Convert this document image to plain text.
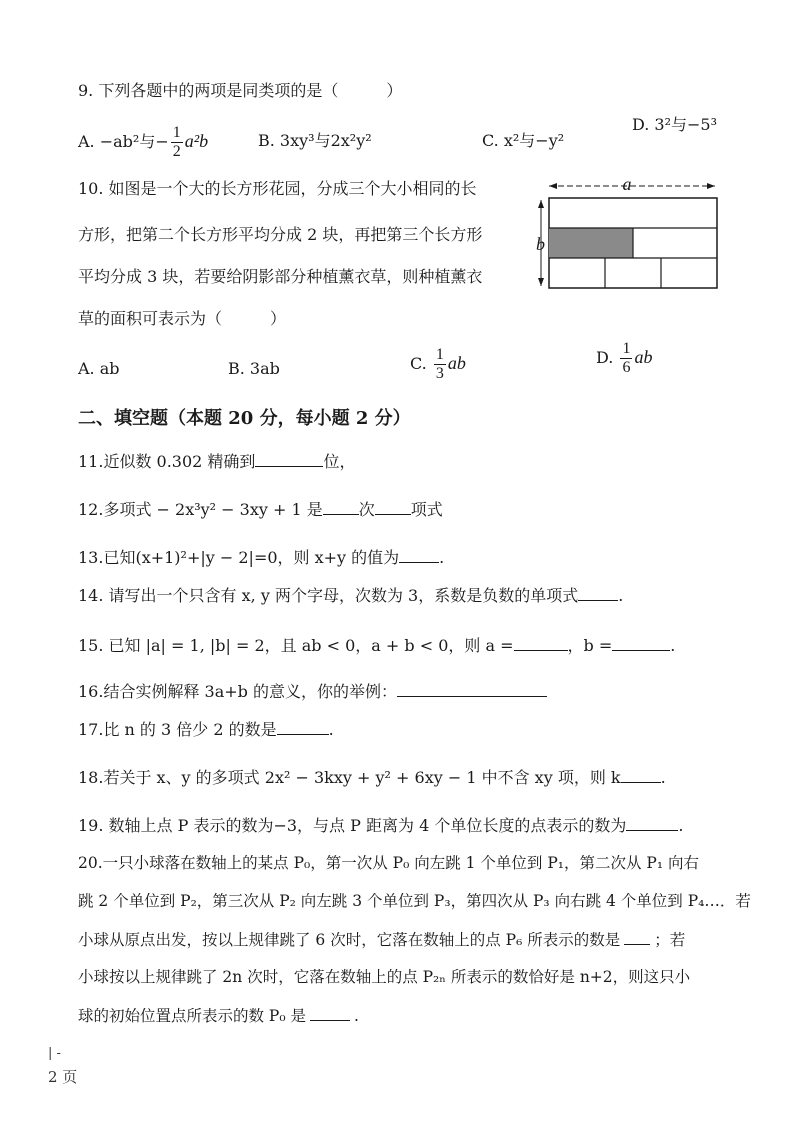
9. 下列各题中的两项是同类项的是（　　　）
A. −ab²与− $\frac{1}{2} a^2b$	B. 3xy³与2x²y²	C. x²与−y²
D. 3²与−5³
10. 如图是一个大的长方形花园，分成三个大小相同的长
方形，把第二个长方形平均分成 2 块，再把第三个长方形
平均分成 3 块，若要给阴影部分种植薰衣草，则种植薰衣
草的面积可表示为（　　　）
a
b
A. ab	B. 3ab	C. $\frac{1}{3}$ ab	D. $\frac{1}{6}$ ab
二、填空题（本题 20 分，每小题 2 分）
11.近似数 0.302 精确到	位，
12.多项式 − 2x³y² − 3xy + 1 是 次 项式
13.已知(x+1)²+|y − 2|=0，则 x+y 的值为	.
14. 请写出一个只含有 x, y 两个字母，次数为 3，系数是负数的单项式	.
15. 已知 |a| = 1, |b| = 2，且 ab < 0，a + b < 0，则 a =	，b =	.
16.结合实例解释 3a+b 的意义，你的举例：
17.比 n 的 3 倍少 2 的数是	.
18.若关于 x、y 的多项式 2x² − 3kxy + y² + 6xy − 1 中不含 xy 项，则 k	.
19. 数轴上点 P 表示的数为−3，与点 P 距离为 4 个单位长度的点表示的数为	.
20.一只小球落在数轴上的某点 P₀，第一次从 P₀ 向左跳 1 个单位到 P₁，第二次从 P₁ 向右
跳 2 个单位到 P₂，第三次从 P₂ 向左跳 3 个单位到 P₃，第四次从 P₃ 向右跳 4 个单位到 P₄…．若
小球从原点出发，按以上规律跳了 6 次时，它落在数轴上的点 P₆ 所表示的数是 ；若
小球按以上规律跳了 2n 次时，它落在数轴上的点 P₂ₙ 所表示的数恰好是 n+2，则这只小
球的初始位置点所表示的数 P₀ 是	.
| -
2 页
